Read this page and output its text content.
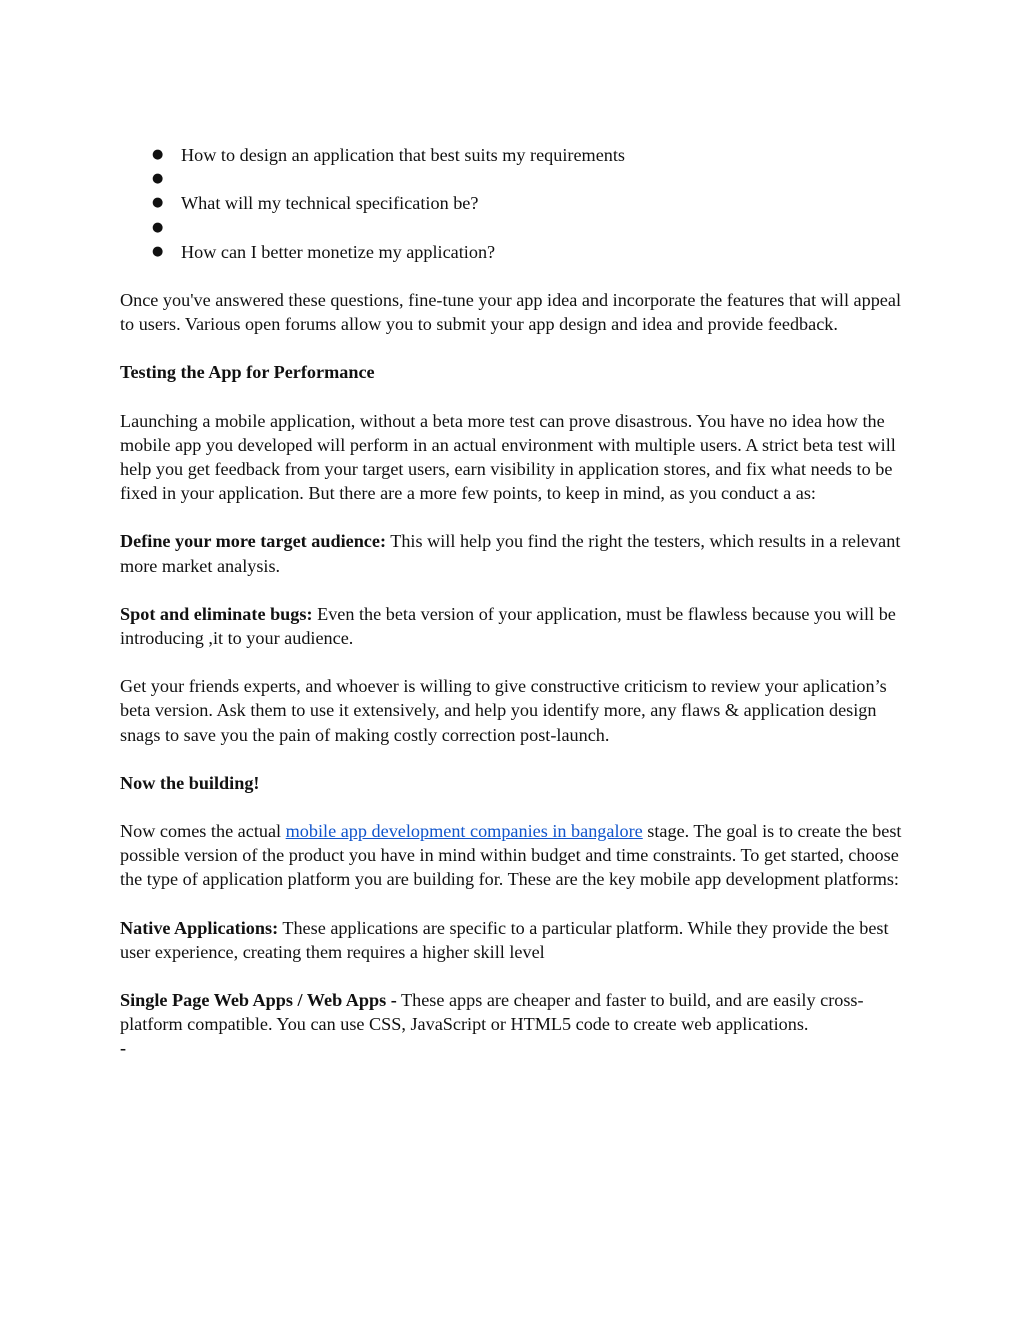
● How to design an application that best suits my requirements
●
● What will my technical specification be?
●
● How can I better monetize my application?

Once you've answered these questions, fine-tune your app idea and incorporate the features that will appeal to users. Various open forums allow you to submit your app design and idea and provide feedback.

Testing the App for Performance

Launching a mobile application, without a beta more test can prove disastrous. You have no idea how the mobile app you developed will perform in an actual environment with multiple users. A strict beta test will help you get feedback from your target users, earn visibility in application stores, and fix what needs to be fixed in your application. But there are a more few points, to keep in mind, as you conduct a as:

Define your more target audience: This will help you find the right the testers, which results in a relevant more market analysis.

Spot and eliminate bugs: Even the beta version of your application, must be flawless because you will be introducing ,it to your audience.

Get your friends experts, and whoever is willing to give constructive criticism to review your aplication’s beta version. Ask them to use it extensively, and help you identify more, any flaws & application design snags to save you the pain of making costly correction post-launch.

Now the building!

Now comes the actual mobile app development companies in bangalore stage. The goal is to create the best possible version of the product you have in mind within budget and time constraints. To get started, choose the type of application platform you are building for. These are the key mobile app development platforms:

Native Applications: These applications are specific to a particular platform. While they provide the best user experience, creating them requires a higher skill level

Single Page Web Apps / Web Apps - These apps are cheaper and faster to build, and are easily cross-platform compatible. You can use CSS, JavaScript or HTML5 code to create web applications.

-
